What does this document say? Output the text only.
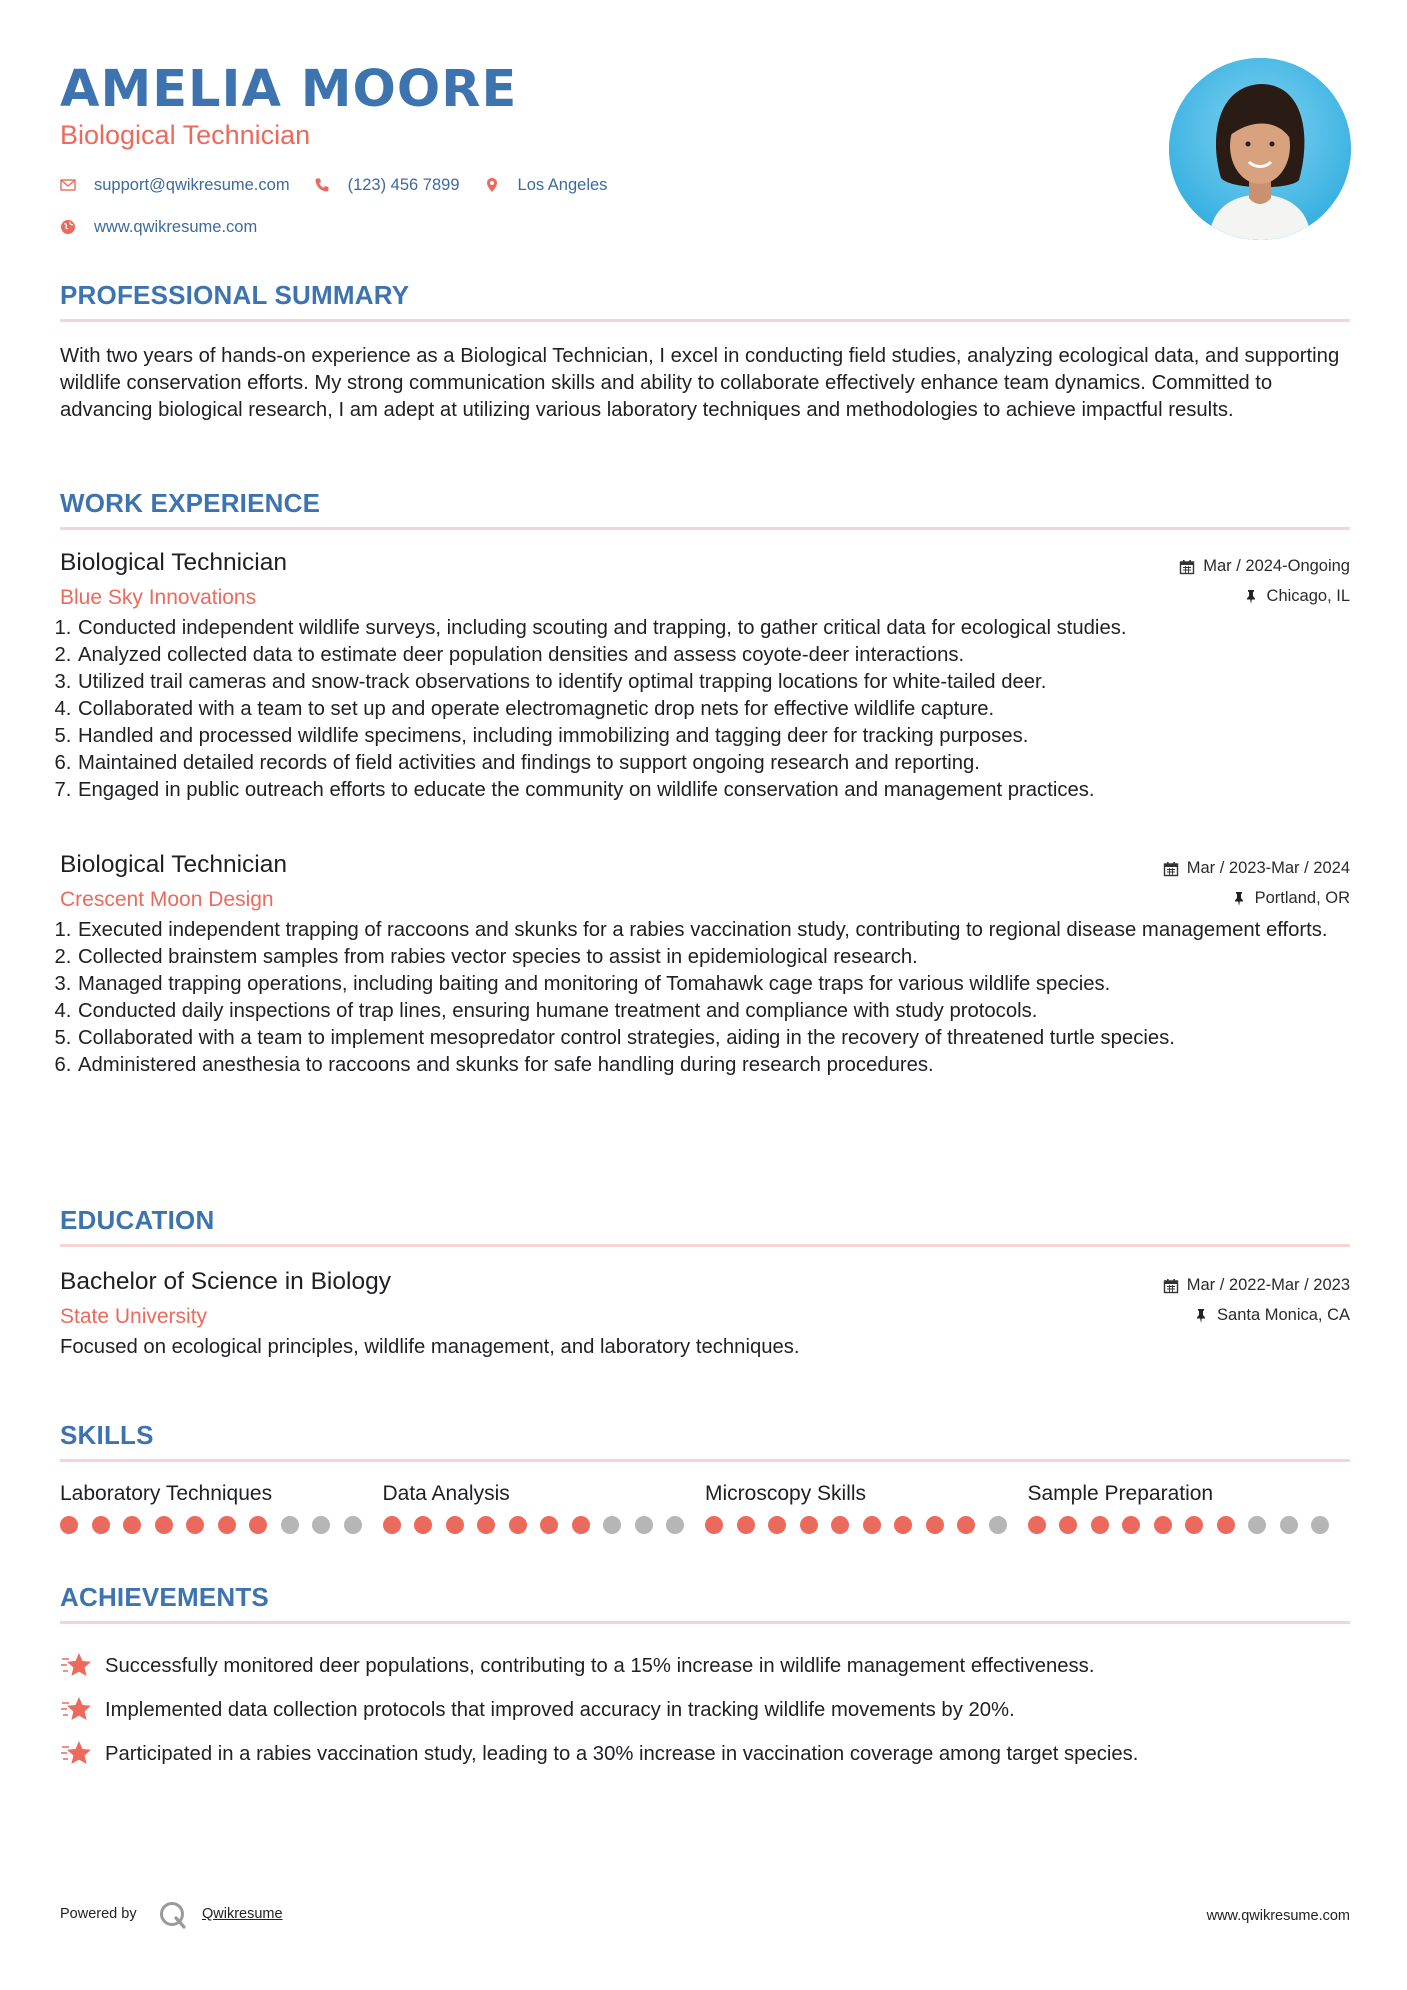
AMELIA MOORE
Biological Technician
support@qwikresume.com	(123) 456 7899	Los Angeles
www.qwikresume.com
PROFESSIONAL SUMMARY

With two years of hands-on experience as a Biological Technician, I excel in conducting field studies, analyzing ecological data, and supporting wildlife conservation efforts. My strong communication skills and ability to collaborate effectively enhance team dynamics. Committed to advancing biological research, I am adept at utilizing various laboratory techniques and methodologies to achieve impactful results.

WORK EXPERIENCE
Biological Technician
Blue Sky Innovations
Mar / 2024-Ongoing
Chicago, IL
1. Conducted independent wildlife surveys, including scouting and trapping, to gather critical data for ecological studies.
2. Analyzed collected data to estimate deer population densities and assess coyote-deer interactions.
3. Utilized trail cameras and snow-track observations to identify optimal trapping locations for white-tailed deer.
4. Collaborated with a team to set up and operate electromagnetic drop nets for effective wildlife capture.
5. Handled and processed wildlife specimens, including immobilizing and tagging deer for tracking purposes.
6. Maintained detailed records of field activities and findings to support ongoing research and reporting.
7. Engaged in public outreach efforts to educate the community on wildlife conservation and management practices.
Biological Technician
Crescent Moon Design
Mar / 2023-Mar / 2024
Portland, OR
1. Executed independent trapping of raccoons and skunks for a rabies vaccination study, contributing to regional disease management efforts.
2. Collected brainstem samples from rabies vector species to assist in epidemiological research.
3. Managed trapping operations, including baiting and monitoring of Tomahawk cage traps for various wildlife species.
4. Conducted daily inspections of trap lines, ensuring humane treatment and compliance with study protocols.
5. Collaborated with a team to implement mesopredator control strategies, aiding in the recovery of threatened turtle species.
6. Administered anesthesia to raccoons and skunks for safe handling during research procedures.
EDUCATION
Bachelor of Science in Biology
State University
Mar / 2022-Mar / 2023
Santa Monica, CA

Focused on ecological principles, wildlife management, and laboratory techniques.

SKILLS
Laboratory Techniques	Data Analysis	Microscopy Skills	Sample Preparation
ACHIEVEMENTS
Successfully monitored deer populations, contributing to a 15% increase in wildlife management effectiveness.
Implemented data collection protocols that improved accuracy in tracking wildlife movements by 20%.
Participated in a rabies vaccination study, leading to a 30% increase in vaccination coverage among target species.
Powered by	Qwikresume	www.qwikresume.com
